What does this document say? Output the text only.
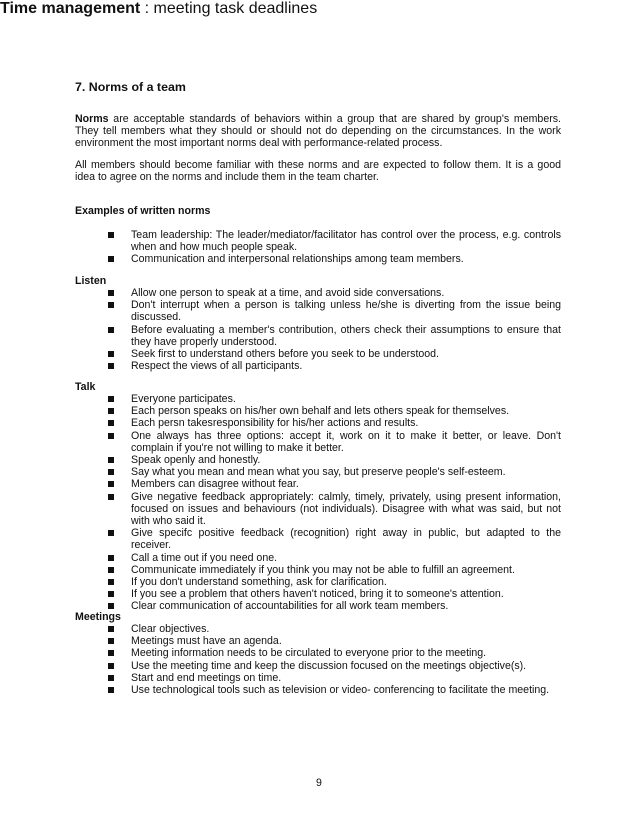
7. Norms of a team

Norms are acceptable standards of behaviors within a group that are shared by group's members. They tell members what they should or should not do depending on the circumstances. In the work environment the most important norms deal with performance-related process.

All members should become familiar with these norms and are expected to follow them. It is a good idea to agree on the norms and include them in the team charter.

Examples of written norms
Team leadership: The leader/mediator/facilitator has control over the process, e.g. controls when and how much people speak.
Communication and interpersonal relationships among team members.
Listen
Allow one person to speak at a time, and avoid side conversations.
Don't interrupt when a person is talking unless he/she is diverting from the issue being discussed.
Before evaluating a member's contribution, others check their assumptions to ensure that they have properly understood.
Seek first to understand others before you seek to be understood.
Respect the views of all participants.
Talk
Everyone participates.
Each person speaks on his/her own behalf and lets others speak for themselves.
Each persn takesresponsibility for his/her actions and results.
One always has three options: accept it, work on it to make it better, or leave. Don't complain if you're not willing to make it better.
Speak openly and honestly.
Say what you mean and mean what you say, but preserve people's self-esteem.
Members can disagree without fear.
Give negative feedback appropriately: calmly, timely, privately, using present information, focused on issues and behaviours (not individuals). Disagree with what was said, but not with who said it.
Give specifc positive feedback (recognition) right away in public, but adapted to the receiver.
Call a time out if you need one.
Communicate immediately if you think you may not be able to fulfill an agreement.
If you don't understand something, ask for clarification.
If you see a problem that others haven't noticed, bring it to someone's attention.
Clear communication of accountabilities for all work team members.
Meetings
Clear objectives.
Meetings must have an agenda.
Meeting information needs to be circulated to everyone prior to the meeting.
Use the meeting time and keep the discussion focused on the meetings objective(s).
Start and end meetings on time.
Use technological tools such as television or video- conferencing to facilitate the meeting.
Time management : meeting task deadlines
9
